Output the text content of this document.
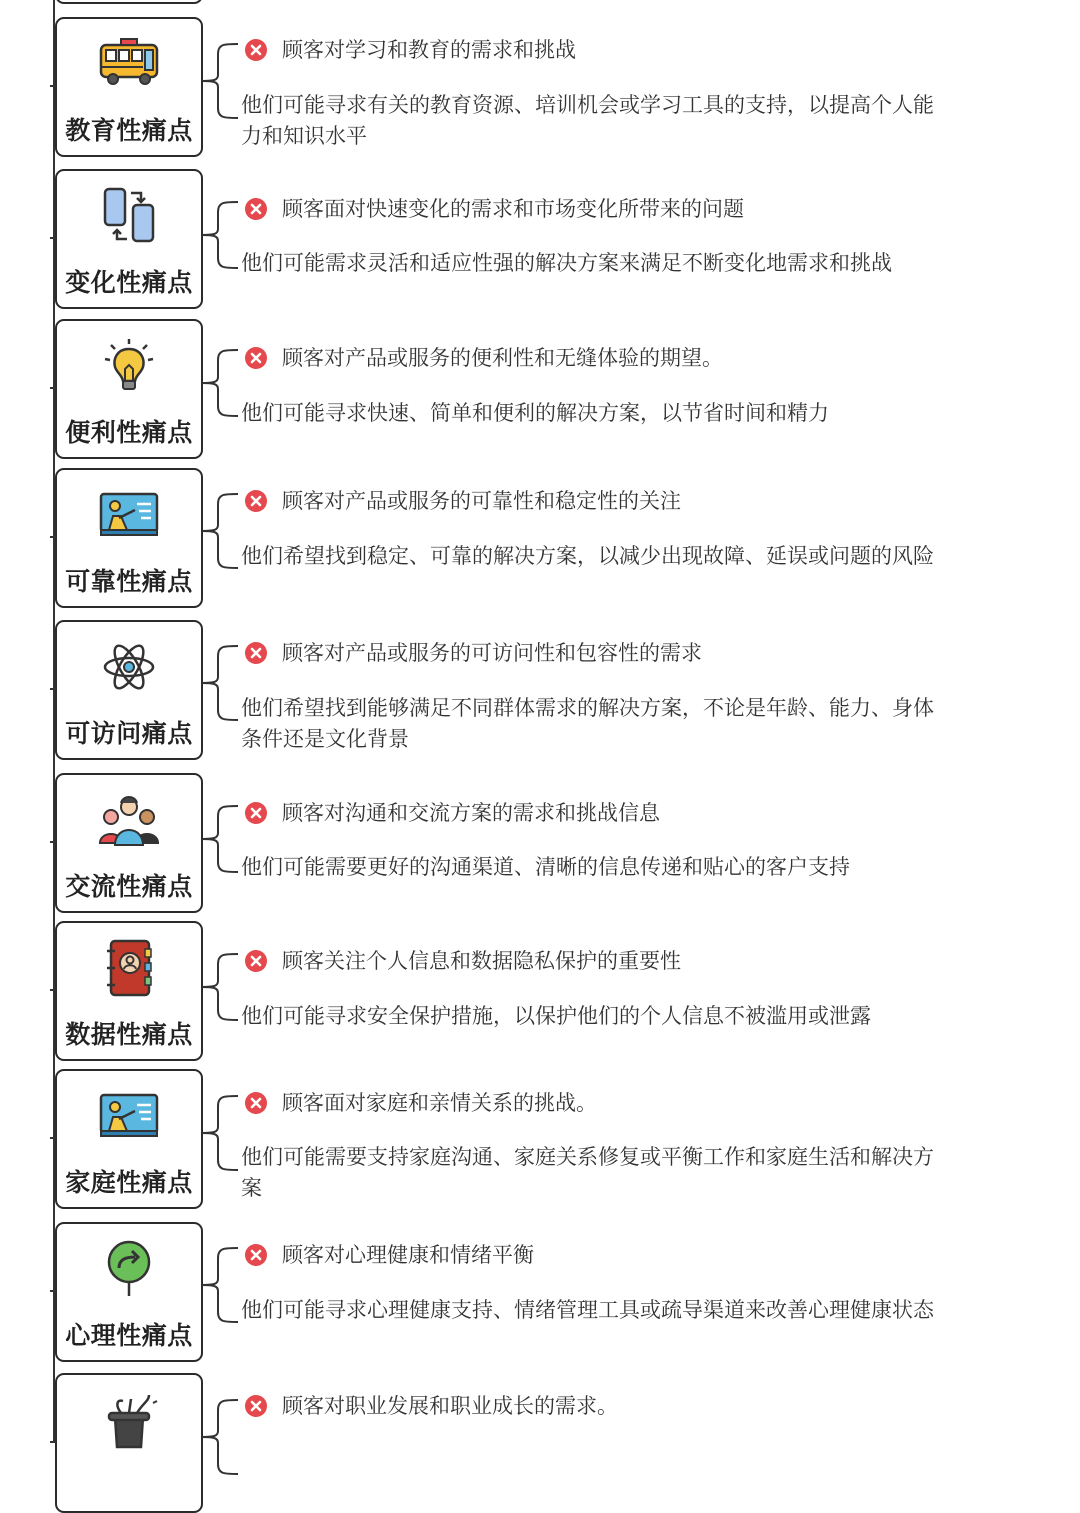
教育性痛点
顾客对学习和教育的需求和挑战
他们可能寻求有关的教育资源、培训机会或学习工具的支持，以提高个人能力和知识水平
变化性痛点
顾客面对快速变化的需求和市场变化所带来的问题
他们可能需求灵活和适应性强的解决方案来满足不断变化地需求和挑战
便利性痛点
顾客对产品或服务的便利性和无缝体验的期望。
他们可能寻求快速、简单和便利的解决方案，以节省时间和精力
可靠性痛点
顾客对产品或服务的可靠性和稳定性的关注
他们希望找到稳定、可靠的解决方案，以减少出现故障、延误或问题的风险
可访问痛点
顾客对产品或服务的可访问性和包容性的需求
他们希望找到能够满足不同群体需求的解决方案，不论是年龄、能力、身体条件还是文化背景
交流性痛点
顾客对沟通和交流方案的需求和挑战信息
他们可能需要更好的沟通渠道、清晰的信息传递和贴心的客户支持
数据性痛点
顾客关注个人信息和数据隐私保护的重要性
他们可能寻求安全保护措施，以保护他们的个人信息不被滥用或泄露
家庭性痛点
顾客面对家庭和亲情关系的挑战。
他们可能需要支持家庭沟通、家庭关系修复或平衡工作和家庭生活和解决方案
心理性痛点
顾客对心理健康和情绪平衡
他们可能寻求心理健康支持、情绪管理工具或疏导渠道来改善心理健康状态
顾客对职业发展和职业成长的需求。
